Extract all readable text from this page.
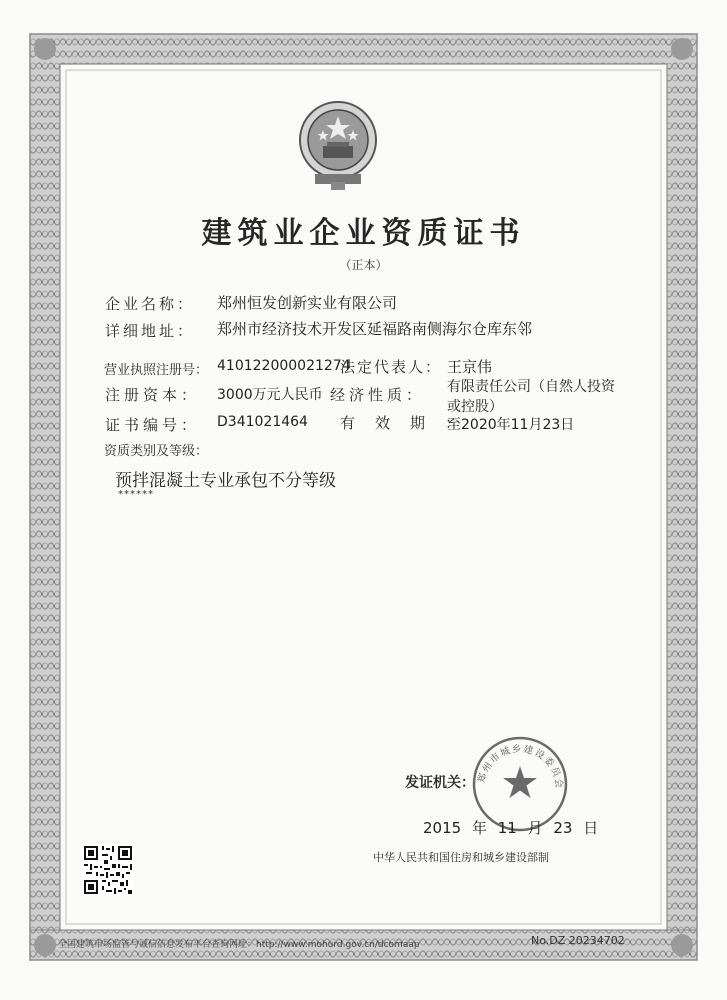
建筑业企业资质证书
（正本）
企业名称： 郑州恒发创新实业有限公司
详细地址： 郑州市经济技术开发区延福路南侧海尔仓库东邻
营业执照注册号： 410122000021274
法定代表人： 王京伟
注册资本： 3000万元人民币 经济性质： 有限责任公司（自然人投资
或控股）
证书编号： D341021464 有效期：
至2020年11月23日
资质类别及等级：
预拌混凝土专业承包不分等级
******
发证机关： 郑州市城乡建设委员会
2015 年 11 月 23 日
中华人民共和国住房和城乡建设部制
全国建筑市场监管与诚信信息发布平台查询网址：http://www.mohurd.gov.cn/dcomaap	No.DZ 20234702
